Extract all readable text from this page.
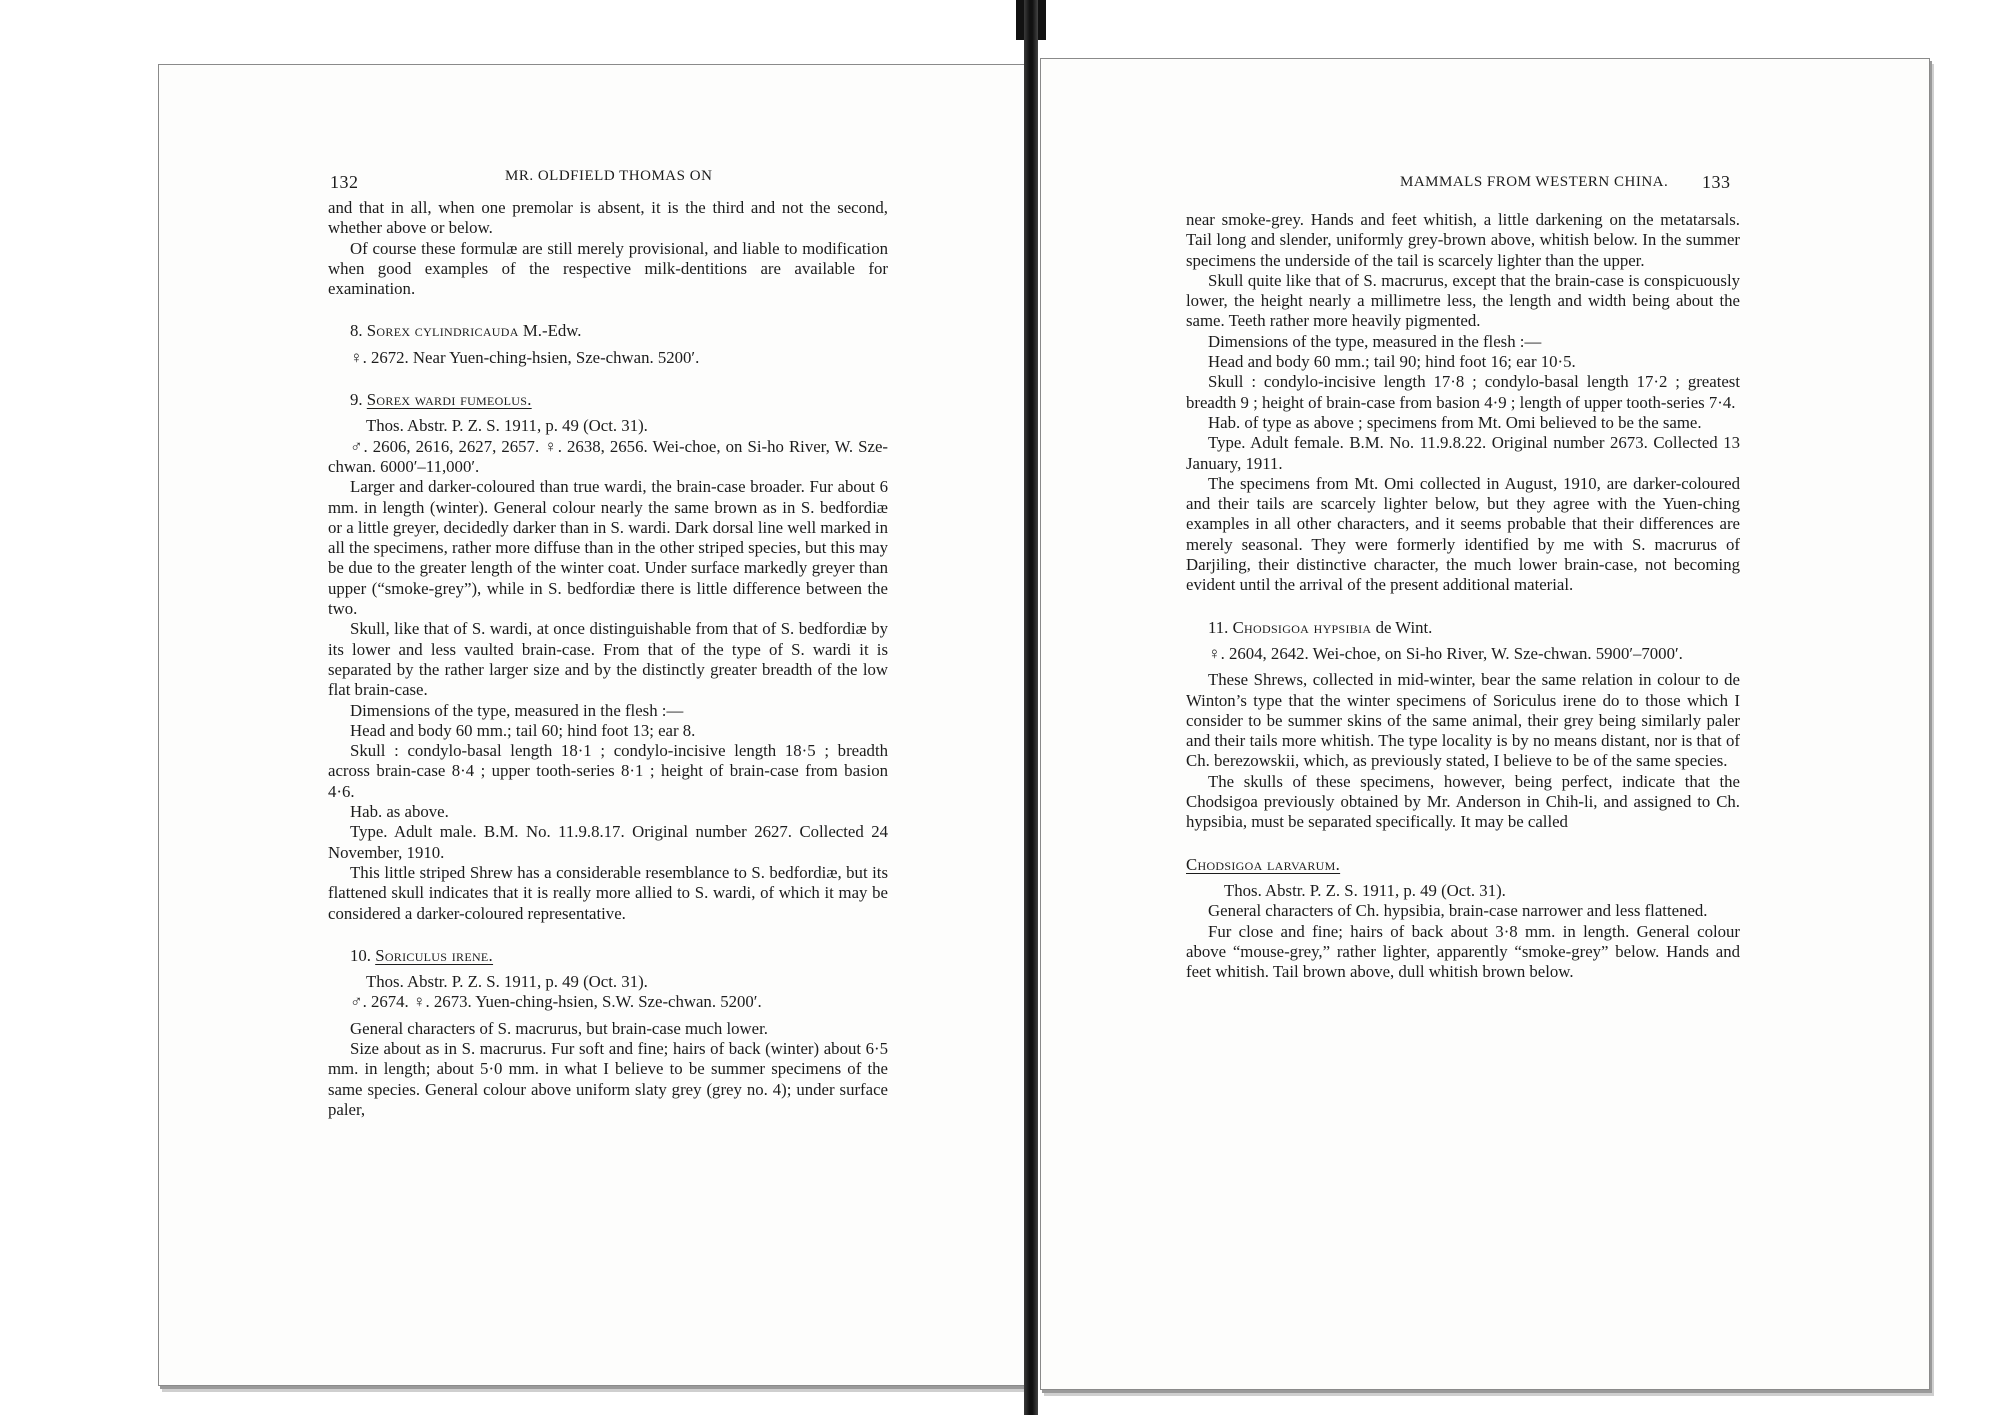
132	MR. OLDFIELD THOMAS ON	MAMMALS FROM WESTERN CHINA. 133

and that in all, when one premolar is absent, it is the third and not the second, whether above or below.

Of course these formulæ are still merely provisional, and liable to modification when good examples of the respective milk-dentitions are available for examination.

8. Sorex cylindricauda M.-Edw.

♀. 2672. Near Yuen-ching-hsien, Sze-chwan. 5200′.

9. Sorex wardi fumeolus.

Thos. Abstr. P. Z. S. 1911, p. 49 (Oct. 31).

♂. 2606, 2616, 2627, 2657. ♀. 2638, 2656. Wei-choe, on Si-ho River, W. Sze-chwan. 6000′–11,000′.

Larger and darker-coloured than true wardi, the brain-case broader. Fur about 6 mm. in length (winter). General colour nearly the same brown as in S. bedfordiæ or a little greyer, decidedly darker than in S. wardi. Dark dorsal line well marked in all the specimens, rather more diffuse than in the other striped species, but this may be due to the greater length of the winter coat. Under surface markedly greyer than upper (“smoke-grey”), while in S. bedfordiæ there is little difference between the two.

Skull, like that of S. wardi, at once distinguishable from that of S. bedfordiæ by its lower and less vaulted brain-case. From that of the type of S. wardi it is separated by the rather larger size and by the distinctly greater breadth of the low flat brain-case.

Dimensions of the type, measured in the flesh :—

Head and body 60 mm.; tail 60; hind foot 13; ear 8.

Skull : condylo-basal length 18·1 ; condylo-incisive length 18·5 ; breadth across brain-case 8·4 ; upper tooth-series 8·1 ; height of brain-case from basion 4·6.

Hab. as above.

Type. Adult male. B.M. No. 11.9.8.17. Original number 2627. Collected 24 November, 1910.

This little striped Shrew has a considerable resemblance to S. bedfordiæ, but its flattened skull indicates that it is really more allied to S. wardi, of which it may be considered a darker-coloured representative.

10. Soriculus irene.

Thos. Abstr. P. Z. S. 1911, p. 49 (Oct. 31).

♂. 2674. ♀. 2673. Yuen-ching-hsien, S.W. Sze-chwan. 5200′.

General characters of S. macrurus, but brain-case much lower.

Size about as in S. macrurus. Fur soft and fine; hairs of back (winter) about 6·5 mm. in length; about 5·0 mm. in what I believe to be summer specimens of the same species. General colour above uniform slaty grey (grey no. 4); under surface paler,

near smoke-grey. Hands and feet whitish, a little darkening on the metatarsals. Tail long and slender, uniformly grey-brown above, whitish below. In the summer specimens the underside of the tail is scarcely lighter than the upper.

Skull quite like that of S. macrurus, except that the brain-case is conspicuously lower, the height nearly a millimetre less, the length and width being about the same. Teeth rather more heavily pigmented.

Dimensions of the type, measured in the flesh :—

Head and body 60 mm.; tail 90; hind foot 16; ear 10·5.

Skull : condylo-incisive length 17·8 ; condylo-basal length 17·2 ; greatest breadth 9 ; height of brain-case from basion 4·9 ; length of upper tooth-series 7·4.

Hab. of type as above ; specimens from Mt. Omi believed to be the same.

Type. Adult female. B.M. No. 11.9.8.22. Original number 2673. Collected 13 January, 1911.

The specimens from Mt. Omi collected in August, 1910, are darker-coloured and their tails are scarcely lighter below, but they agree with the Yuen-ching examples in all other characters, and it seems probable that their differences are merely seasonal. They were formerly identified by me with S. macrurus of Darjiling, their distinctive character, the much lower brain-case, not becoming evident until the arrival of the present additional material.

11. Chodsigoa hypsibia de Wint.

♀. 2604, 2642. Wei-choe, on Si-ho River, W. Sze-chwan. 5900′–7000′.

These Shrews, collected in mid-winter, bear the same relation in colour to de Winton’s type that the winter specimens of Soriculus irene do to those which I consider to be summer skins of the same animal, their grey being similarly paler and their tails more whitish. The type locality is by no means distant, nor is that of Ch. berezowskii, which, as previously stated, I believe to be of the same species.

The skulls of these specimens, however, being perfect, indicate that the Chodsigoa previously obtained by Mr. Anderson in Chih-li, and assigned to Ch. hypsibia, must be separated specifically. It may be called

Chodsigoa larvarum.

Thos. Abstr. P. Z. S. 1911, p. 49 (Oct. 31).

General characters of Ch. hypsibia, brain-case narrower and less flattened.

Fur close and fine; hairs of back about 3·8 mm. in length. General colour above “mouse-grey,” rather lighter, apparently “smoke-grey” below. Hands and feet whitish. Tail brown above, dull whitish brown below.
